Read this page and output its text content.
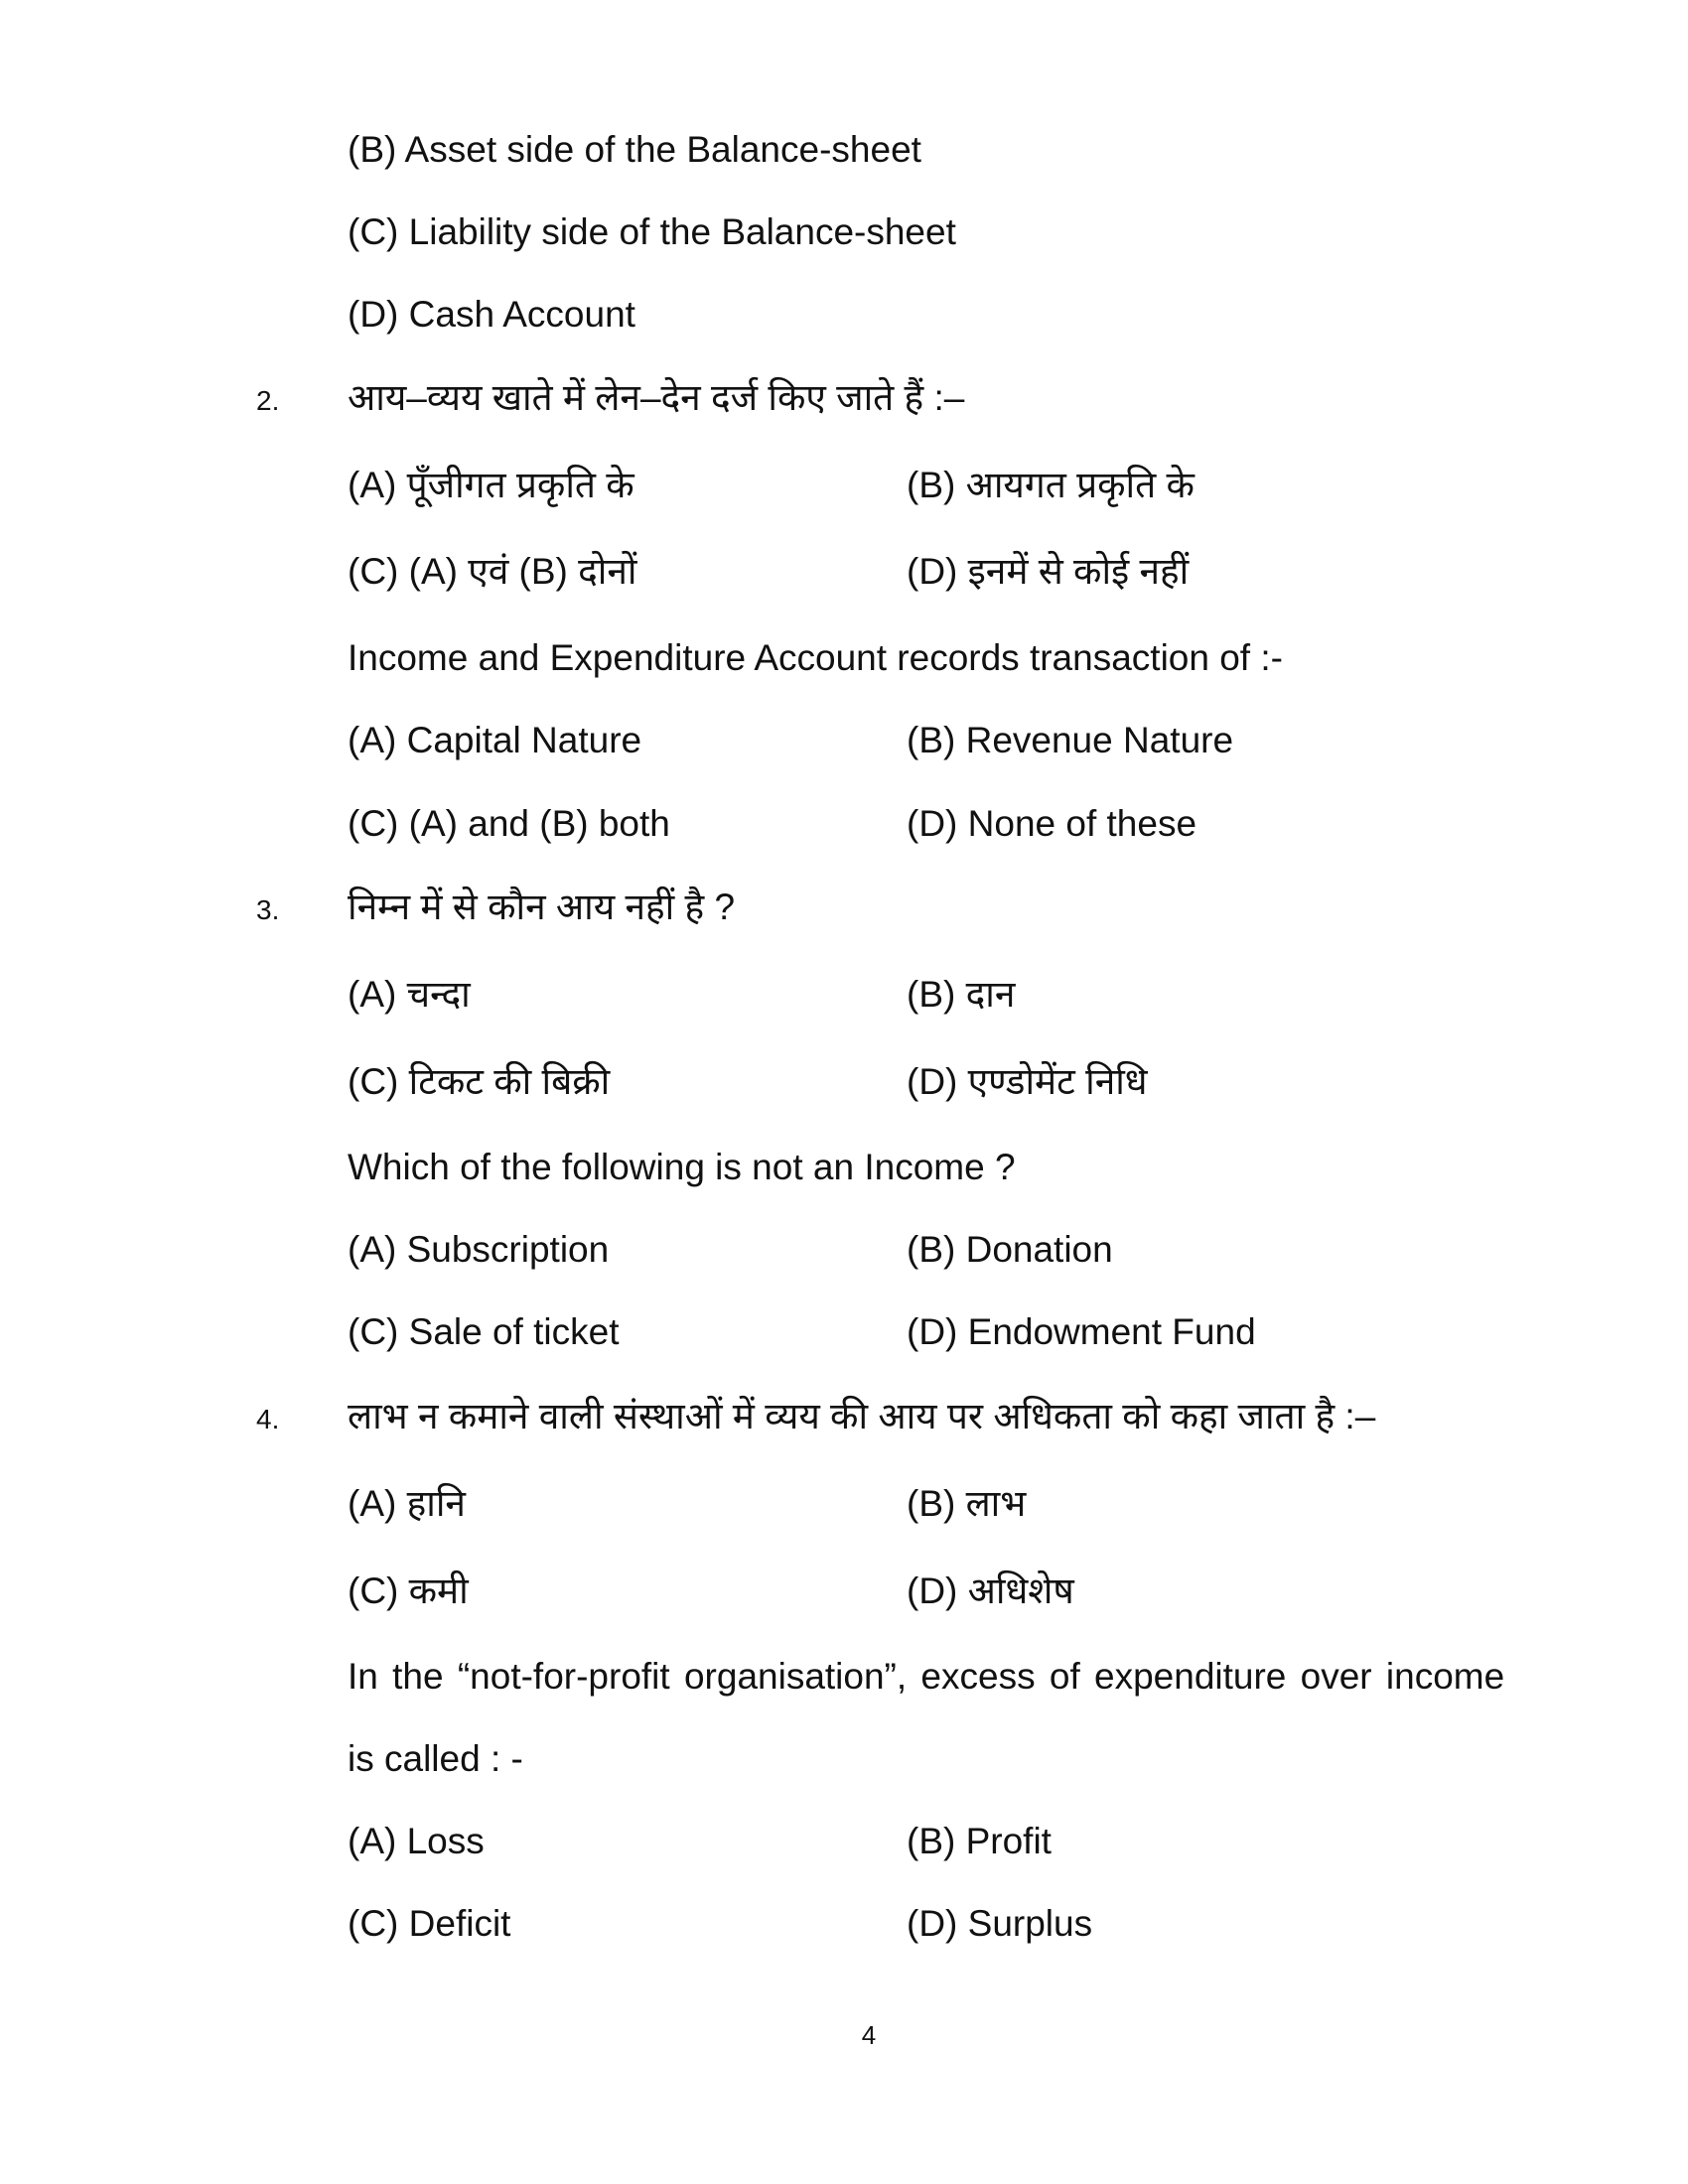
(B) Asset side of the Balance-sheet
(C) Liability side of the Balance-sheet
(D) Cash Account
2. आय–व्यय खाते में लेन–देन दर्ज किए जाते हैं :–
(A) पूँजीगत प्रकृति के	(B) आयगत प्रकृति के
(C) (A) एवं (B) दोनों	(D) इनमें से कोई नहीं
Income and Expenditure Account records transaction of :-
(A) Capital Nature	(B) Revenue Nature
(C) (A) and (B) both	(D) None of these
3. निम्न में से कौन आय नहीं है ?
(A) चन्दा	(B) दान
(C) टिकट की बिक्री	(D) एण्डोमेंट निधि
Which of the following is not an Income ?
(A) Subscription	(B) Donation
(C) Sale of ticket	(D) Endowment Fund
4. लाभ न कमाने वाली संस्थाओं में व्यय की आय पर अधिकता को कहा जाता है :–
(A) हानि	(B) लाभ
(C) कमी	(D) अधिशेष
In the “not-for-profit organisation”, excess of expenditure over income
is called : -
(A) Loss	(B) Profit
(C) Deficit	(D) Surplus
4
